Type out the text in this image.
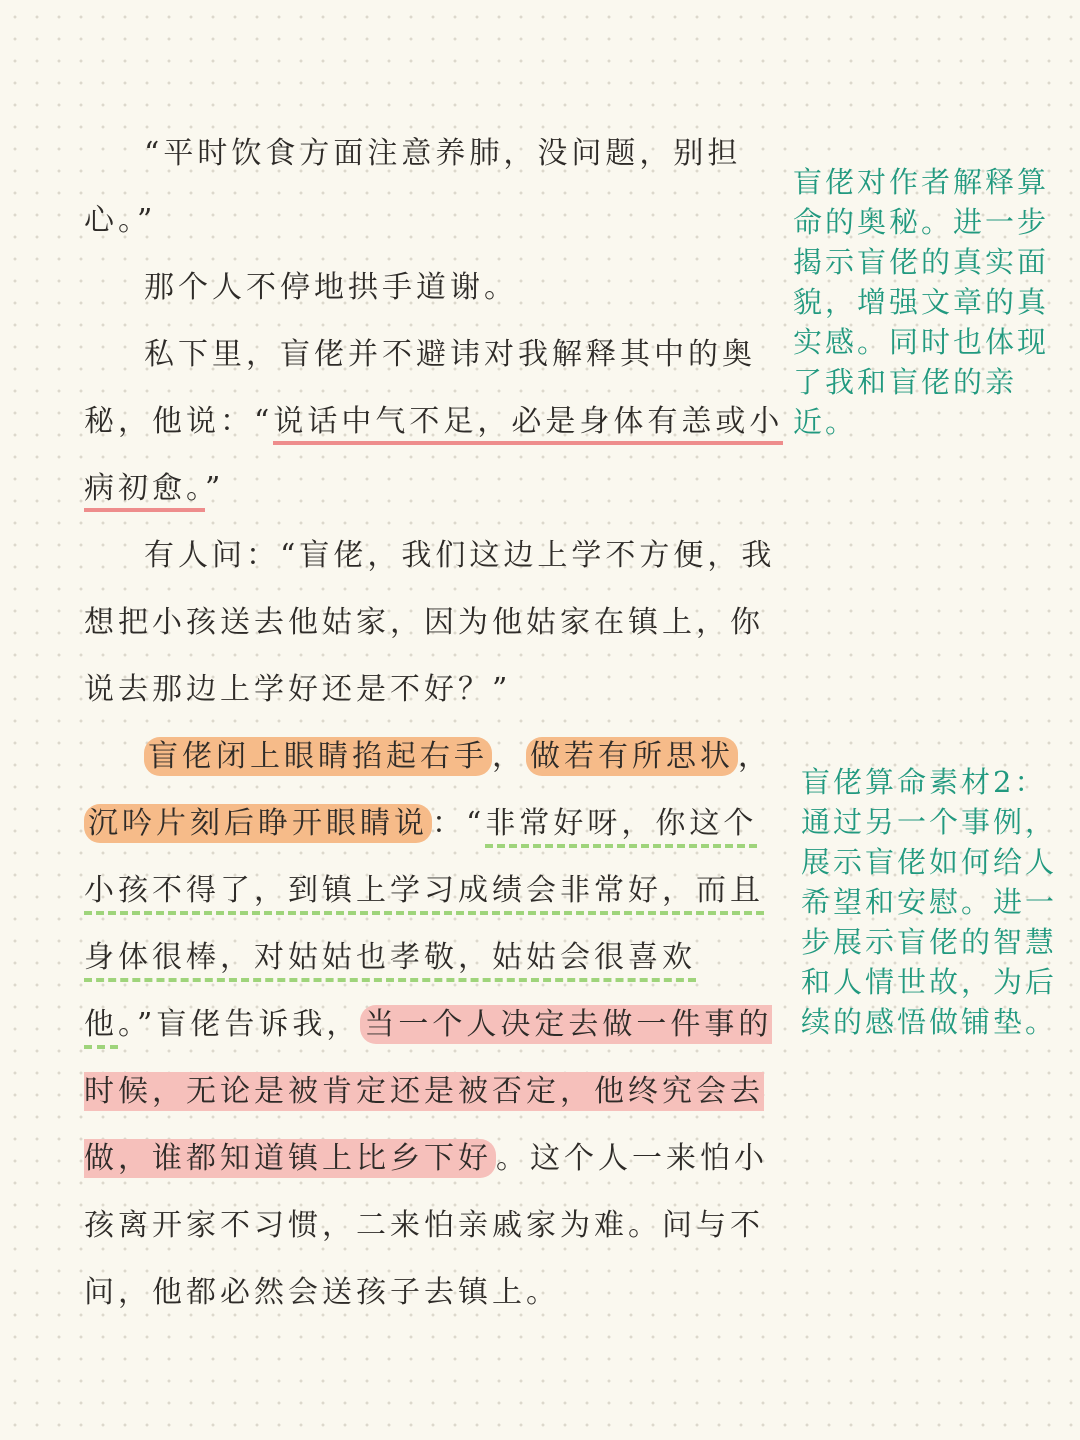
“平时饮食方面注意养肺，没问题，别担心。”

那个人不停地拱手道谢。

私下里，盲佬并不避讳对我解释其中的奥秘，他说：“说话中气不足，必是身体有恙或小病初愈。”

有人问：“盲佬，我们这边上学不方便，我想把小孩送去他姑家，因为他姑家在镇上，你说去那边上学好还是不好？”

盲佬闭上眼睛掐起右手 ， 做若有所思状 ，沉吟片刻后睁开眼睛说 ：“非常好呀，你这个小孩不得了，到镇上学习成绩会非常好，而且身体很棒，对姑姑也孝敬，姑姑会很喜欢他。”盲佬告诉我， 当一个人决定去做一件事的时候，无论是被肯定还是被否定，他终究会去做，谁都知道镇上比乡下好 。这个人一来怕小孩离开家不习惯，二来怕亲戚家为难。问与不问，他都必然会送孩子去镇上。

盲佬对作者解释算命的奥秘。进一步揭示盲佬的真实面貌，增强文章的真实感。同时也体现了我和盲佬的亲近。
盲佬算命素材2：通过另一个事例，展示盲佬如何给人希望和安慰。进一步展示盲佬的智慧和人情世故，为后续的感悟做铺垫。
